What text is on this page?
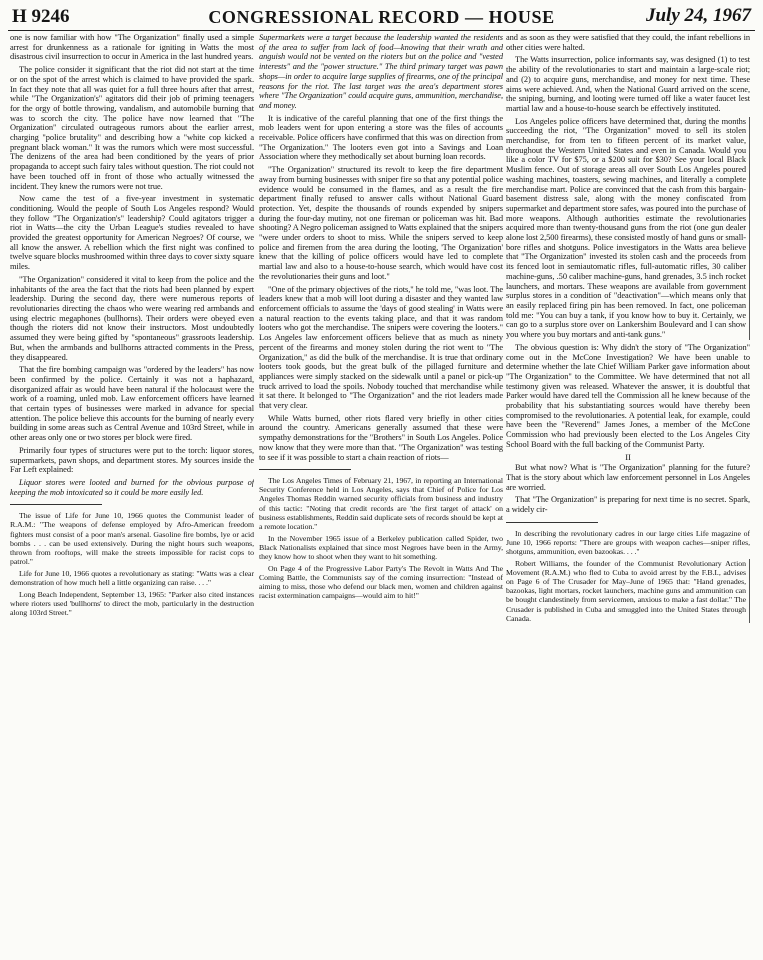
H 9246	CONGRESSIONAL RECORD — HOUSE	July 24, 1967

one is now familiar with how "The Organization" finally used a simple arrest for drunkenness as a rationale for igniting in Watts the most disastrous civil insurrection to occur in America in the last hundred years.

The police consider it significant that the riot did not start at the time or on the spot of the arrest which is claimed to have provided the spark. In fact they note that all was quiet for a full three hours after that arrest, while "The Organization's" agitators did their job of priming teenagers for the orgy of bottle throwing, vandalism, and automobile burning that was to scorch the city. The police have now learned that "The Organization" circulated outrageous rumors about the earlier arrest, charging "police brutality" and describing how a "white cop kicked a pregnant black woman." It was the rumors which were most successful. The denizens of the area had been conditioned by the years of prior propaganda to accept such fairy tales without question. The riot could not have been touched off in front of those who actually witnessed the incident. They knew the rumors were not true.

Now came the test of a five-year investment in systematic conditioning. Would the people of South Los Angeles respond? Would they follow "The Organization's" leadership? Could agitators trigger a riot in Watts—the city the Urban League's studies revealed to have provided the greatest opportunity for American Negroes? Of course, we all know the answer. A rebellion which the first night was confined to twelve square blocks mushroomed within three days to cover sixty square miles.

"The Organization" considered it vital to keep from the police and the inhabitants of the area the fact that the riots had been planned by expert leadership. During the second day, there were numerous reports of revolutionaries directing the chaos who were wearing red armbands and using electric megaphones (bullhorns). Their orders were obeyed even though the rioters did not know their instructors. Most undoubtedly assumed they were being gifted by "spontaneous" grassroots leadership. But, when the armbands and bullhorns attracted comments in the Press, they disappeared.

That the fire bombing campaign was "ordered by the leaders" has now been confirmed by the police. Certainly it was not a haphazard, disorganized affair as would have been natural if the holocaust were the work of a roaming, unled mob. Law enforcement officers have learned that certain types of businesses were marked in advance for special attention. The police believe this accounts for the burning of nearly every building in some areas such as Central Avenue and 103rd Street, while in other areas only one or two stores per block were fired.

Primarily four types of structures were put to the torch: liquor stores, supermarkets, pawn shops, and department stores. My sources inside the Far Left explained:

Liquor stores were looted and burned for the obvious purpose of keeping the mob intoxicated so it could be more easily led.

The issue of Life for June 10, 1966 quotes the Communist leader of R.A.M.: "The weapons of defense employed by Afro-American freedom fighters must consist of a poor man's arsenal. Gasoline fire bombs, lye or acid bombs . . . can be used extensively. During the night hours such weapons, thrown from rooftops, will make the streets impossible for racist cops to patrol."

Life for June 10, 1966 quotes a revolutionary as stating: "Watts was a clear demonstration of how much hell a little organizing can raise. . . ."

Long Beach Independent, September 13, 1965: "Parker also cited instances where rioters used 'bullhorns' to direct the mob, particularly in the destruction along 103rd Street."

Supermarkets were a target because the leadership wanted the residents of the area to suffer from lack of food—knowing that their wrath and anguish would not be vented on the rioters but on the police and "vested interests" and the "power structure." The third primary target was pawn shops—in order to acquire large supplies of firearms, one of the principal reasons for the riot. The last target was the area's department stores where "The Organization" could acquire guns, ammunition, merchandise, and money.

It is indicative of the careful planning that one of the first things the mob leaders went for upon entering a store was the files of accounts receivable. Police officers have confirmed that this was on direction from "The Organization." The looters even got into a Savings and Loan Association where they methodically set about burning loan records.

"The Organization" structured its revolt to keep the fire department away from burning businesses with sniper fire so that any potential police evidence would be consumed in the flames, and as a result the fire department finally refused to answer calls without National Guard protection. Yet, despite the thousands of rounds expended by snipers during the four-day mutiny, not one fireman or policeman was hit. Bad shooting? A Negro policeman assigned to Watts explained that the snipers "were under orders to shoot to miss. While the snipers served to keep police and firemen from the area during the looting, 'The Organization' knew that the killing of police officers would have led to complete martial law and also to a house-to-house search, which would have cost the revolutionaries their guns and loot."

"One of the primary objectives of the riots," he told me, "was loot. The leaders knew that a mob will loot during a disaster and they wanted law enforcement officials to assume the 'days of good stealing' in Watts were a natural reaction to the events taking place, and that it was random looters who got the merchandise. The snipers were covering the looters." Los Angeles law enforcement officers believe that as much as ninety percent of the firearms and money stolen during the riot went to "The Organization," as did the bulk of the merchandise. It is true that ordinary looters took goods, but the great bulk of the pillaged furniture and appliances were simply stacked on the sidewalk until a panel or pick-up truck arrived to load the spoils. Nobody touched that merchandise while it sat there. It belonged to "The Organization" and the riot leaders made that very clear.

While Watts burned, other riots flared very briefly in other cities around the country. Americans generally assumed that these were sympathy demonstrations for the "Brothers" in South Los Angeles. Police now know that they were more than that. "The Organization" was testing to see if it was possible to start a chain reaction of riots—

The Los Angeles Times of February 21, 1967, in reporting an International Security Conference held in Los Angeles, says that Chief of Police for Los Angeles Thomas Reddin warned security officials from business and industry of this tactic: "Noting that credit records are 'the first target of attack' on business establishments, Reddin said duplicate sets of records should be kept at a remote location."

In the November 1965 issue of a Berkeley publication called Spider, two Black Nationalists explained that since most Negroes have been in the Army, they know how to shoot when they want to hit something.

On Page 4 of the Progressive Labor Party's The Revolt in Watts And The Coming Battle, the Communists say of the coming insurrection: "Instead of aiming to miss, those who defend our black men, women and children against racist extermination campaigns—would aim to hit!"

and as soon as they were satisfied that they could, the infant rebellions in other cities were halted.

The Watts insurrection, police informants say, was designed (1) to test the ability of the revolutionaries to start and maintain a large-scale riot; and (2) to acquire guns, merchandise, and money for next time. These aims were achieved. And, when the National Guard arrived on the scene, the sniping, burning, and looting were turned off like a water faucet lest martial law and a house-to-house search be effectively instituted.

Los Angeles police officers have determined that, during the months succeeding the riot, "The Organization" moved to sell its stolen merchandise, for from ten to fifteen percent of its market value, throughout the Western United States and even in Canada. Would you like a color TV for $75, or a $200 suit for $30? See your local Black Muslim fence. Out of storage areas all over South Los Angeles poured washing machines, toasters, sewing machines, and literally a complete merchandise mart. Police are convinced that the cash from this bargain-basement distress sale, along with the money confiscated from supermarket and department store safes, was poured into the purchase of more weapons. Although authorities estimate the revolutionaries acquired more than twenty-thousand guns from the riot (one gun dealer alone lost 2,500 firearms), these consisted mostly of hand guns or small-bore rifles and shotguns. Police investigators in the Watts area believe that "The Organization" invested its stolen cash and the proceeds from its fenced loot in semiautomatic rifles, full-automatic rifles, 30 caliber machine-guns, .50 caliber machine-guns, hand grenades, 3.5 inch rocket launchers, and mortars. These weapons are available from government surplus stores in a condition of "deactivation"—which means only that an easily replaced firing pin has been removed. In fact, one policeman told me: "You can buy a tank, if you know how to buy it. Certainly, we can go to a surplus store over on Lankershim Boulevard and I can show you where you buy mortars and anti-tank guns."

The obvious question is: Why didn't the story of "The Organization" come out in the McCone Investigation? We have been unable to determine whether the late Chief William Parker gave information about "The Organization" to the Committee. We have determined that not all testimony given was released. Whatever the answer, it is doubtful that Parker would have dared tell the Commission all he knew because of the probability that his substantiating sources would have thereby been compromised to the revolutionaries. A potential leak, for example, could have been the "Reverend" James Jones, a member of the McCone Commission who had previously been elected to the Los Angeles City School Board with the full backing of the Communist Party.

II

But what now? What is "The Organization" planning for the future? That is the story about which law enforcement personnel in Los Angeles are worried.

That "The Organization" is preparing for next time is no secret. Spark, a widely cir-

In describing the revolutionary cadres in our large cities Life magazine of June 10, 1966 reports: "There are groups with weapon caches—sniper rifles, shotguns, ammunition, even bazookas. . . ."

Robert Williams, the founder of the Communist Revolutionary Action Movement (R.A.M.) who fled to Cuba to avoid arrest by the F.B.I., advises on Page 6 of The Crusader for May–June of 1965 that: "Hand grenades, bazookas, light mortars, rocket launchers, machine guns and ammunition can be bought clandestinely from servicemen, anxious to make a fast dollar." The Crusader is published in Cuba and smuggled into the United States through Canada.
